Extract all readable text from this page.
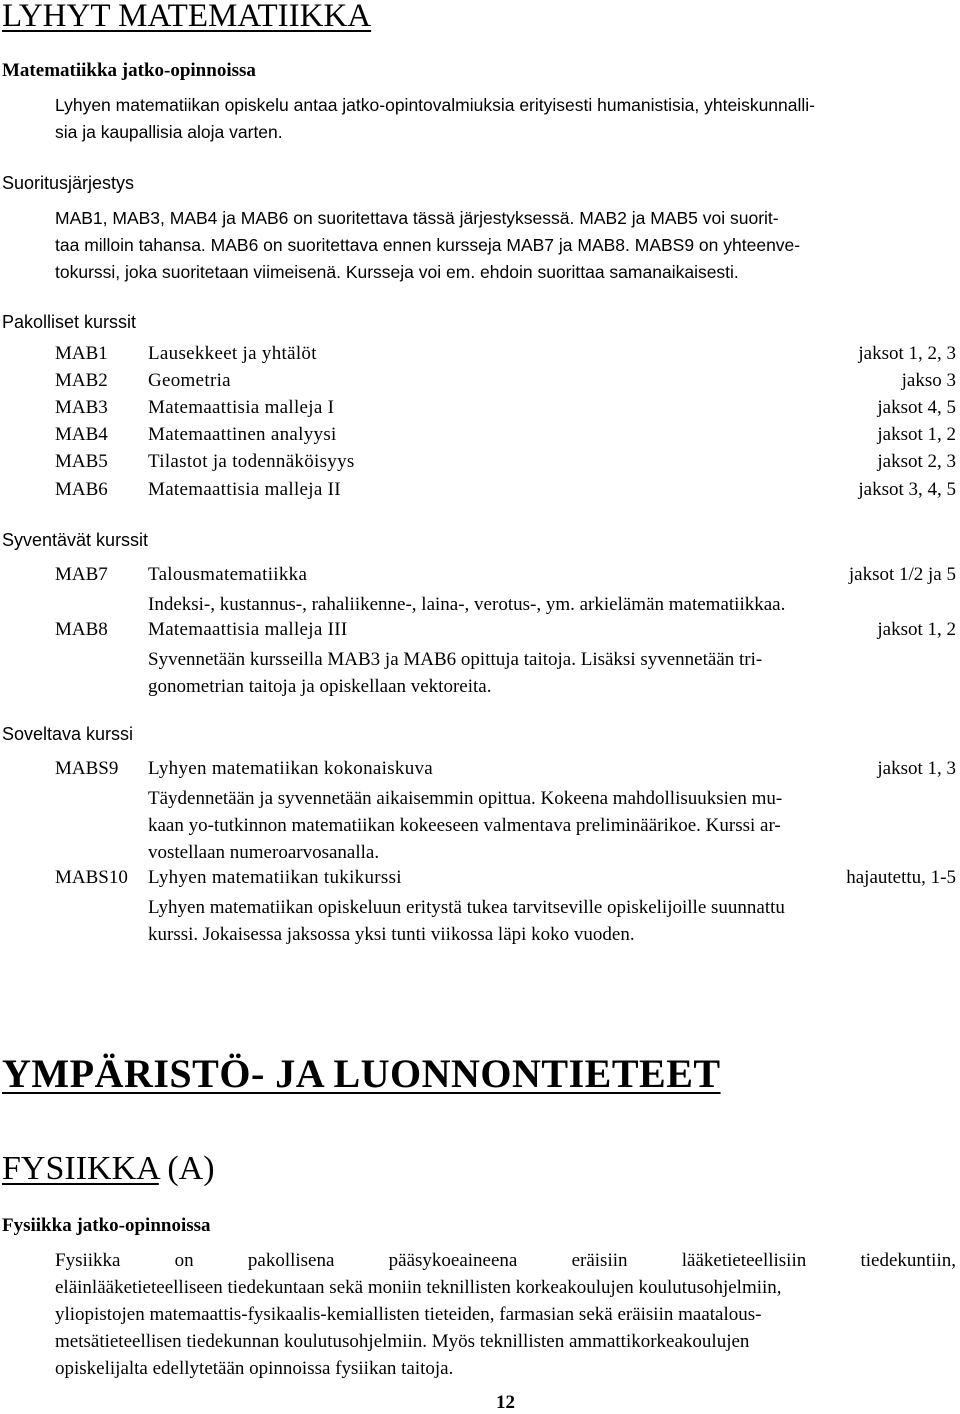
LYHYT MATEMATIIKKA
Matematiikka jatko-opinnoissa
Lyhyen matematiikan opiskelu antaa jatko-opintovalmiuksia erityisesti humanistisia, yhteiskunnalli-
sia ja kaupallisia aloja varten.
Suoritusjärjestys
MAB1, MAB3, MAB4 ja MAB6 on suoritettava tässä järjestyksessä. MAB2 ja MAB5 voi suorit-
taa milloin tahansa. MAB6 on suoritettava ennen kursseja MAB7 ja MAB8. MABS9 on yhteenve-
tokurssi, joka suoritetaan viimeisenä. Kursseja voi em. ehdoin suorittaa samanaikaisesti.
Pakolliset kurssit
MAB1 Lausekkeet ja yhtälöt	jaksot 1, 2, 3
MAB2 Geometria	jakso 3
MAB3 Matemaattisia malleja I	jaksot 4, 5
MAB4 Matemaattinen analyysi	jaksot 1, 2
MAB5 Tilastot ja todennäköisyys	jaksot 2, 3
MAB6 Matemaattisia malleja II	jaksot 3, 4, 5
Syventävät kurssit
MAB7 Talousmatematiikka	jaksot 1/2 ja 5
Indeksi-, kustannus-, rahaliikenne-, laina-, verotus-, ym. arkielämän matematiikkaa.
MAB8 Matemaattisia malleja III	jaksot 1, 2
Syvennetään kursseilla MAB3 ja MAB6 opittuja taitoja. Lisäksi syvennetään tri-
gonometrian taitoja ja opiskellaan vektoreita.
Soveltava kurssi
MABS9 Lyhyen matematiikan kokonaiskuva	jaksot 1, 3
Täydennetään ja syvennetään aikaisemmin opittua. Kokeena mahdollisuuksien mu-
kaan yo-tutkinnon matematiikan kokeeseen valmentava preliminäärikoe. Kurssi ar-
vostellaan numeroarvosanalla.
MABS10 Lyhyen matematiikan tukikurssi	hajautettu, 1-5
Lyhyen matematiikan opiskeluun eritystä tukea tarvitseville opiskelijoille suunnattu
kurssi. Jokaisessa jaksossa yksi tunti viikossa läpi koko vuoden.
YMPÄRISTÖ- JA LUONNONTIETEET
FYSIIKKA (A)
Fysiikka jatko-opinnoissa
Fysiikka	on	pakollisena	pääsykoeaineena	eräisiin	lääketieteellisiin	tiedekuntiin,
eläinlääketieteelliseen tiedekuntaan sekä moniin teknillisten korkeakoulujen koulutusohjelmiin,
yliopistojen matemaattis-fysikaalis-kemiallisten tieteiden, farmasian sekä eräisiin maatalous-
metsätieteellisen tiedekunnan koulutusohjelmiin. Myös teknillisten ammattikorkeakoulujen
opiskelijalta edellytetään opinnoissa fysiikan taitoja.
12
